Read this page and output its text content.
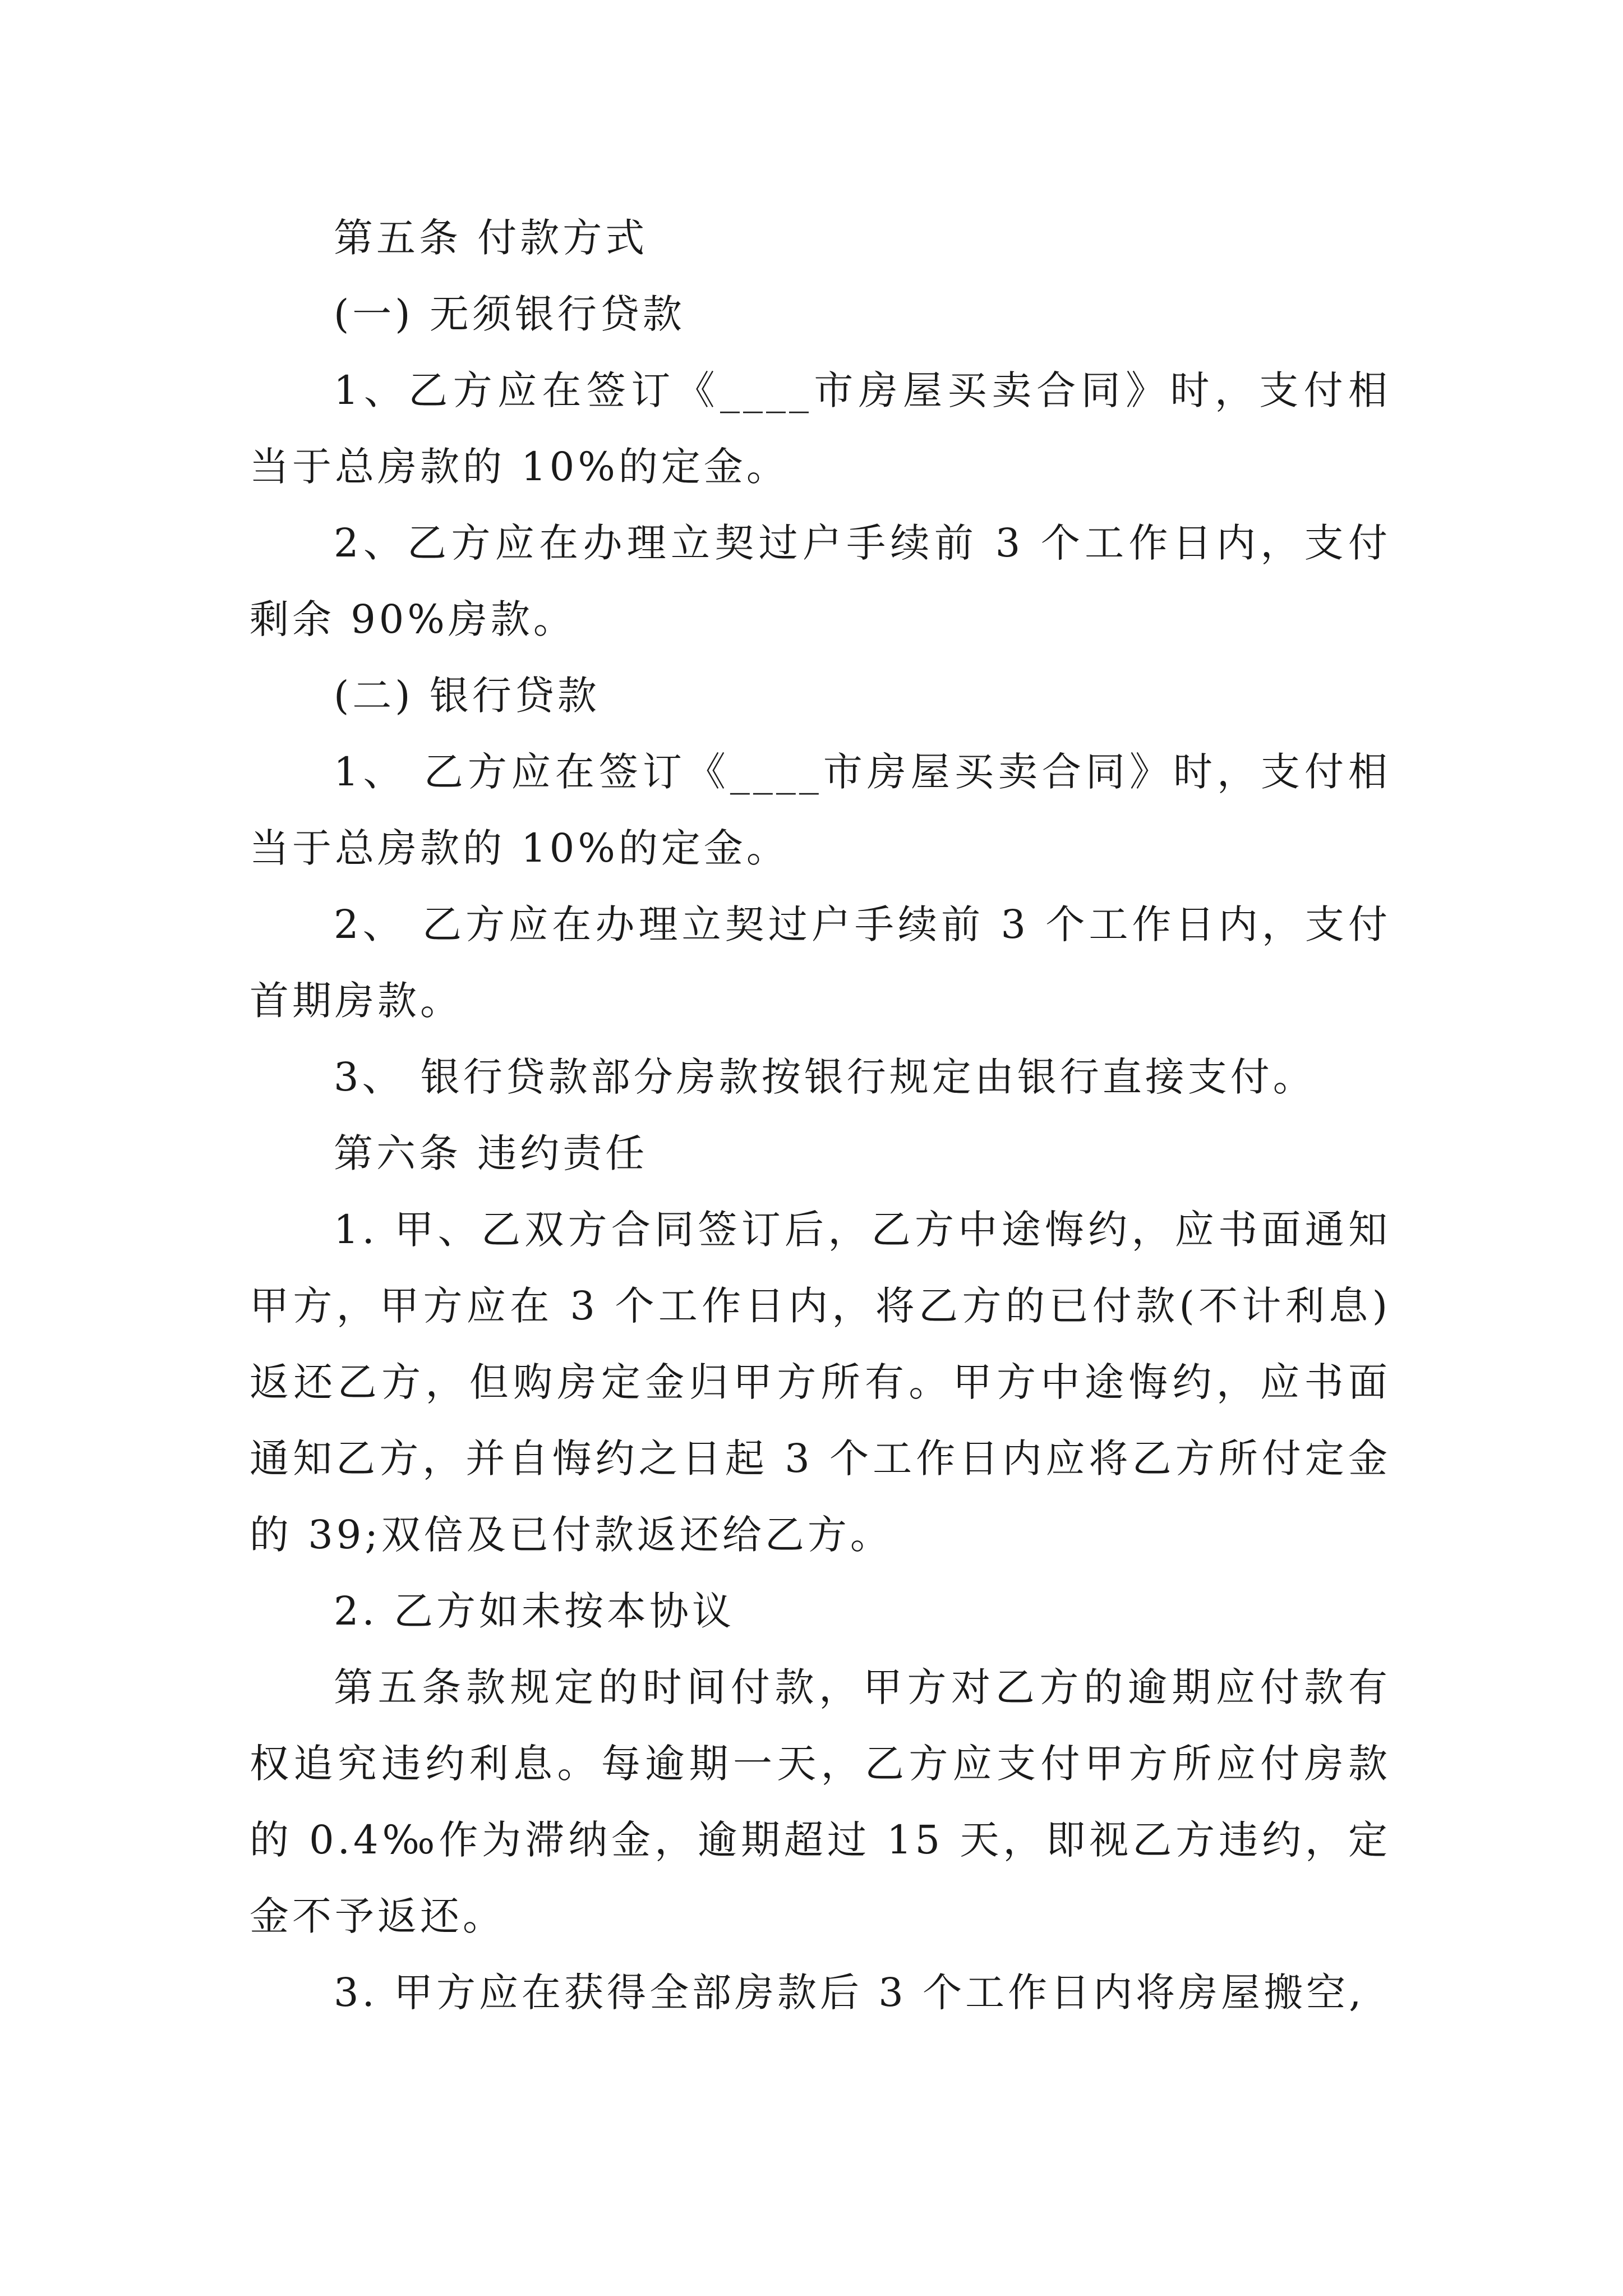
第五条 付款方式

(一) 无须银行贷款

1、乙方应在签订《____市房屋买卖合同》时，支付相当于总房款的 10%的定金。

2、乙方应在办理立契过户手续前 3 个工作日内，支付剩余 90%房款。

(二) 银行贷款

1、 乙方应在签订《____市房屋买卖合同》时，支付相当于总房款的 10%的定金。

2、 乙方应在办理立契过户手续前 3 个工作日内，支付首期房款。

3、 银行贷款部分房款按银行规定由银行直接支付。

第六条 违约责任

1. 甲、乙双方合同签订后，乙方中途悔约，应书面通知甲方，甲方应在 3 个工作日内，将乙方的已付款(不计利息)返还乙方，但购房定金归甲方所有。甲方中途悔约，应书面通知乙方，并自悔约之日起 3 个工作日内应将乙方所付定金的 39;双倍及已付款返还给乙方。

2. 乙方如未按本协议

第五条款规定的时间付款，甲方对乙方的逾期应付款有权追究违约利息。每逾期一天，乙方应支付甲方所应付房款的 0.4‰作为滞纳金，逾期超过 15 天，即视乙方违约，定金不予返还。

3. 甲方应在获得全部房款后 3 个工作日内将房屋搬空,
